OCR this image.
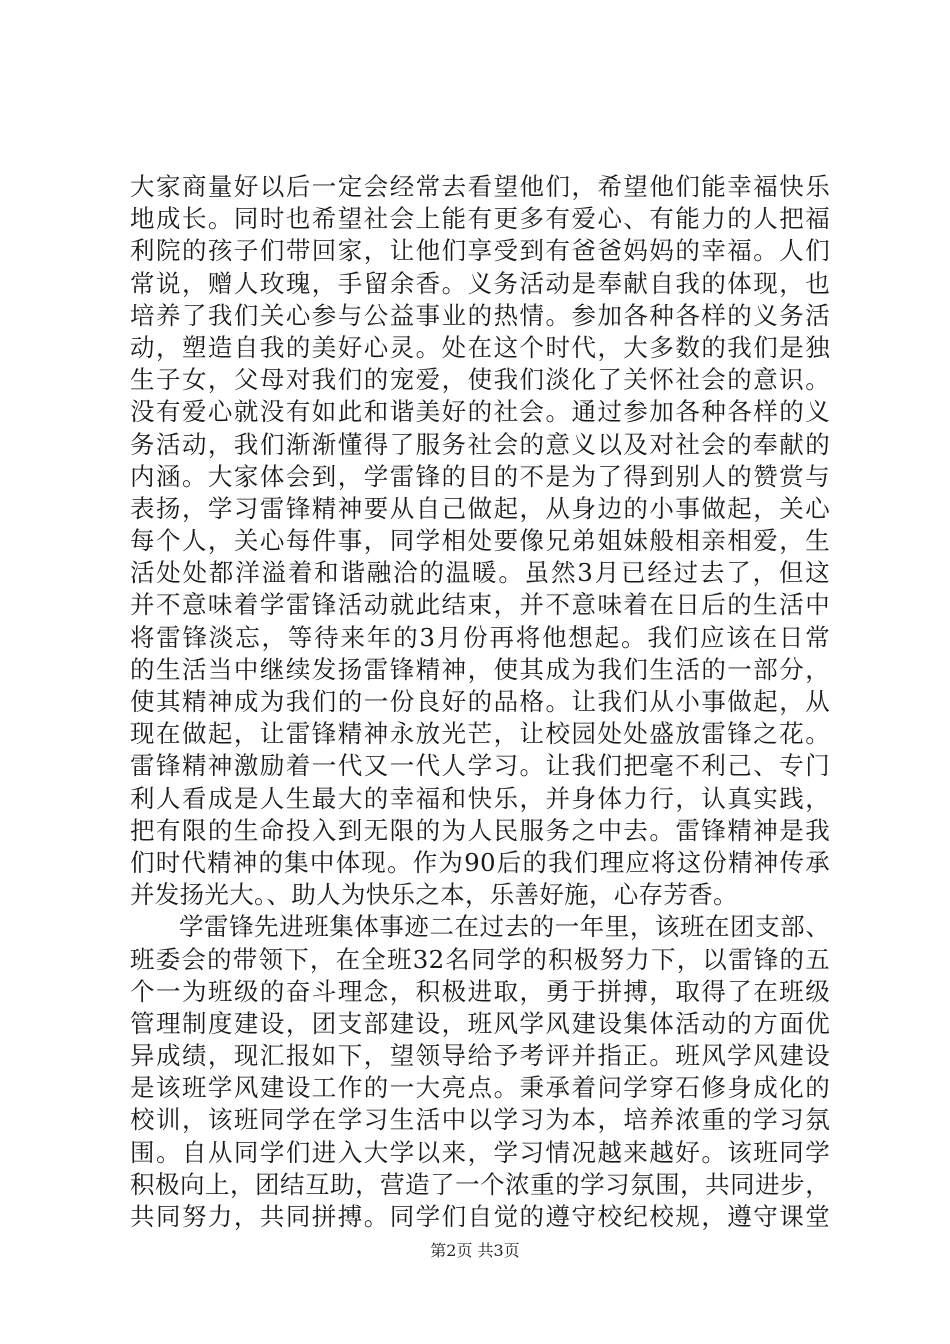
大家商量好以后一定会经常去看望他们，希望他们能幸福快乐
地成长。同时也希望社会上能有更多有爱心、有能力的人把福
利院的孩子们带回家，让他们享受到有爸爸妈妈的幸福。人们
常说，赠人玫瑰，手留余香。义务活动是奉献自我的体现，也
培养了我们关心参与公益事业的热情。参加各种各样的义务活
动，塑造自我的美好心灵。处在这个时代，大多数的我们是独
生子女，父母对我们的宠爱，使我们淡化了关怀社会的意识。
没有爱心就没有如此和谐美好的社会。通过参加各种各样的义
务活动，我们渐渐懂得了服务社会的意义以及对社会的奉献的
内涵。大家体会到，学雷锋的目的不是为了得到别人的赞赏与
表扬，学习雷锋精神要从自己做起，从身边的小事做起，关心
每个人，关心每件事，同学相处要像兄弟姐妹般相亲相爱，生
活处处都洋溢着和谐融洽的温暖。虽然3月已经过去了，但这
并不意味着学雷锋活动就此结束，并不意味着在日后的生活中
将雷锋淡忘，等待来年的3月份再将他想起。我们应该在日常
的生活当中继续发扬雷锋精神，使其成为我们生活的一部分，
使其精神成为我们的一份良好的品格。让我们从小事做起，从
现在做起，让雷锋精神永放光芒，让校园处处盛放雷锋之花。
雷锋精神激励着一代又一代人学习。让我们把毫不利己、专门
利人看成是人生最大的幸福和快乐，并身体力行，认真实践，
把有限的生命投入到无限的为人民服务之中去。雷锋精神是我
们时代精神的集中体现。作为90后的我们理应将这份精神传承
并发扬光大。、助人为快乐之本，乐善好施，心存芳香。
学雷锋先进班集体事迹二在过去的一年里，该班在团支部、
班委会的带领下，在全班32名同学的积极努力下，以雷锋的五
个一为班级的奋斗理念，积极进取，勇于拼搏，取得了在班级
管理制度建设，团支部建设，班风学风建设集体活动的方面优
异成绩，现汇报如下，望领导给予考评并指正。班风学风建设
是该班学风建设工作的一大亮点。秉承着问学穿石修身成化的
校训，该班同学在学习生活中以学习为本，培养浓重的学习氛
围。自从同学们进入大学以来，学习情况越来越好。该班同学
积极向上，团结互助，营造了一个浓重的学习氛围，共同进步，
共同努力，共同拼搏。同学们自觉的遵守校纪校规，遵守课堂
第2页 共3页
